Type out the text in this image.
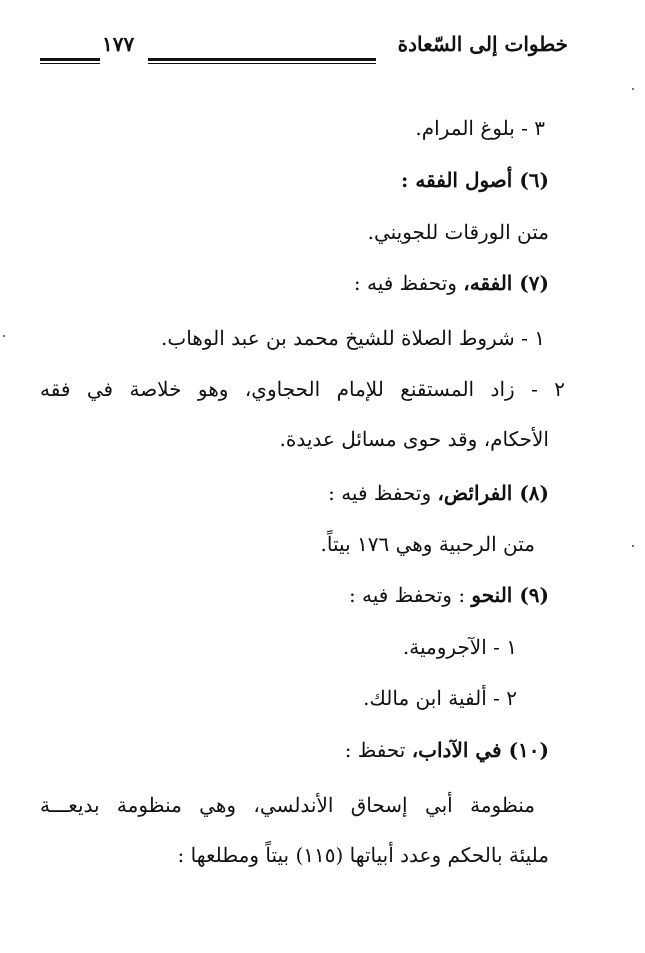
خطوات إلى السّعادة
١٧٧
٣ - بلوغ المرام.
(٦) أصول الفقه :
متن الورقات للجويني.
(٧) الفقه، وتحفظ فيه :
١ - شروط الصلاة للشيخ محمد بن عبد الوهاب.
٢ - زاد المستقنع للإمام الحجاوي، وهو خلاصة في فقه
الأحكام، وقد حوى مسائل عديدة.
(٨) الفرائض، وتحفظ فيه :
متن الرحبية وهي ١٧٦ بيتاً.
(٩) النحو : وتحفظ فيه :
١ - الآجرومية.
٢ - ألفية ابن مالك.
(١٠) في الآداب، تحفظ :
منظومة أبي إسحاق الأندلسي، وهي منظومة بديعـــة
مليئة بالحكم وعدد أبياتها (١١٥) بيتاً ومطلعها :
